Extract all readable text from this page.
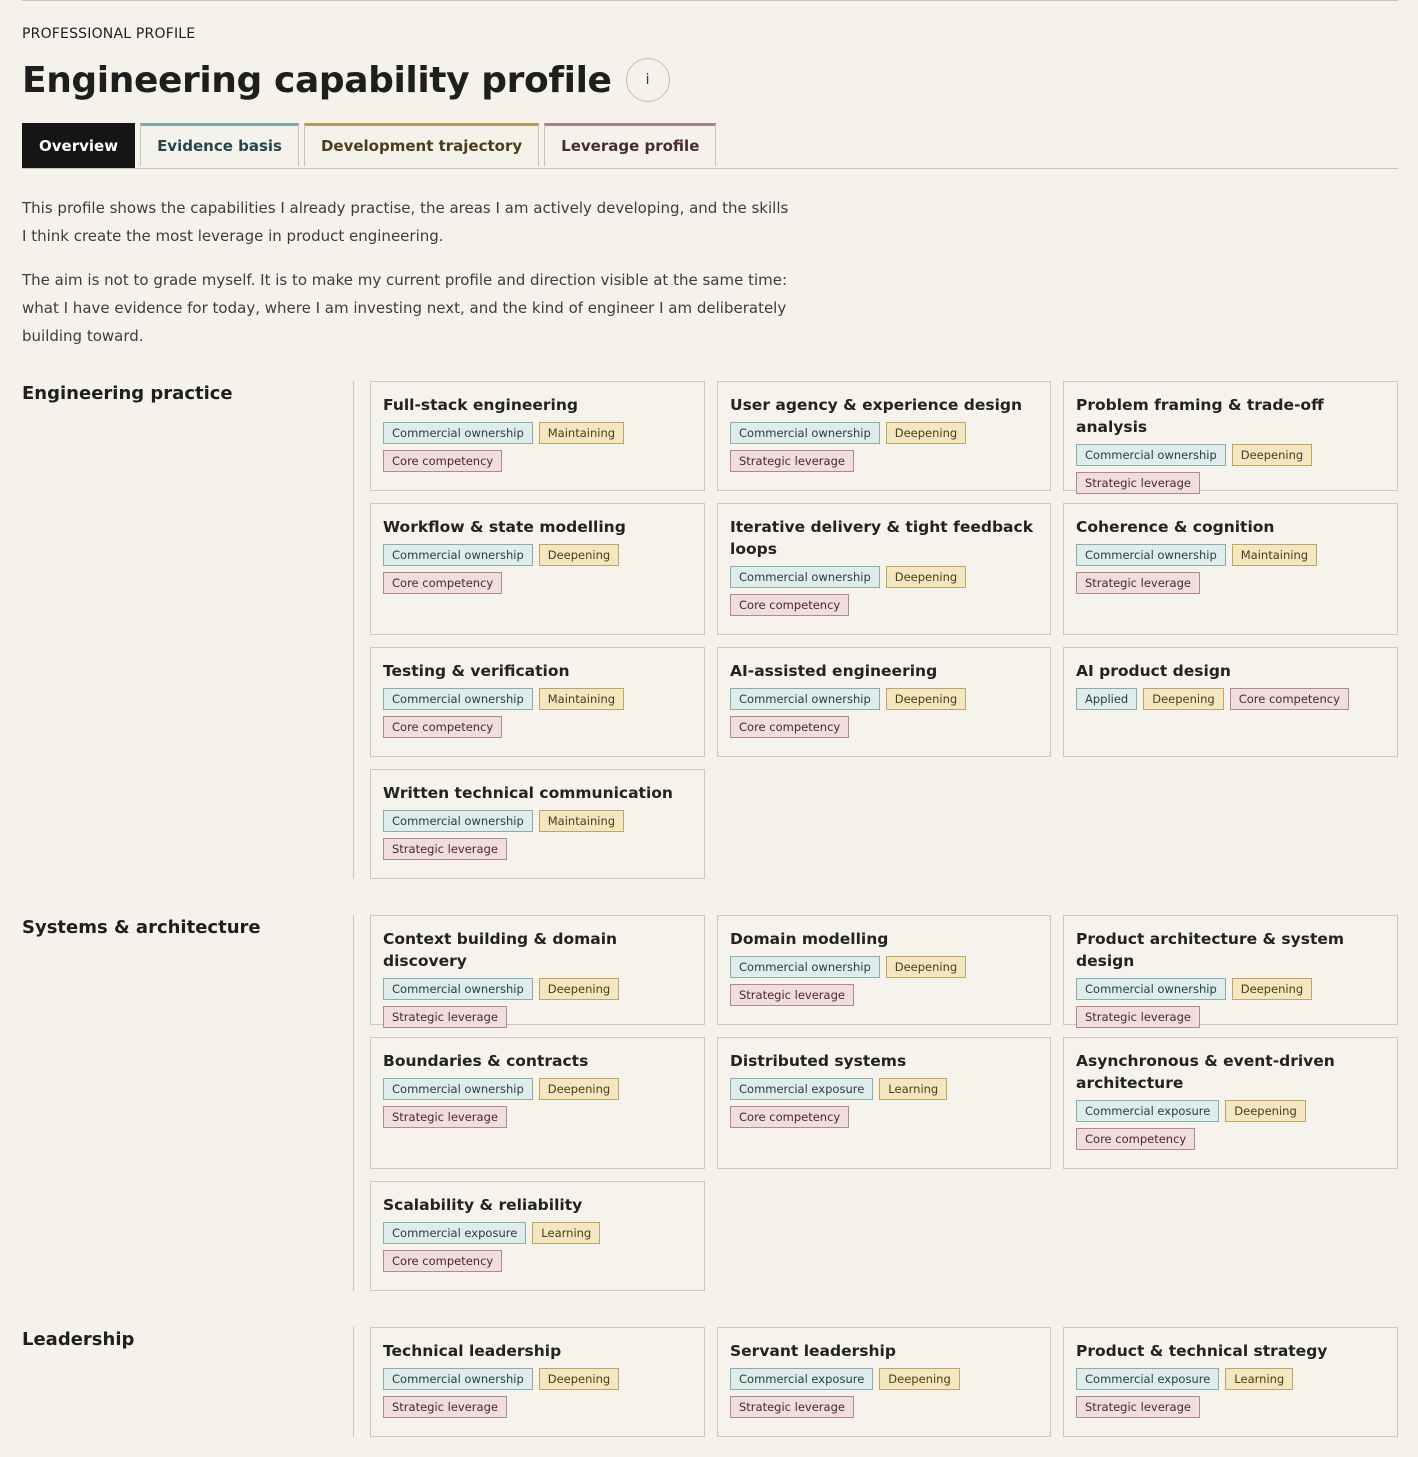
PROFESSIONAL PROFILE
Engineering capability profile i
Overview	Evidence basis	Development trajectory	Leverage profile

This profile shows the capabilities I already practise, the areas I am actively developing, and the skills I think create the most leverage in product engineering.

The aim is not to grade myself. It is to make my current profile and direction visible at the same time: what I have evidence for today, where I am investing next, and the kind of engineer I am deliberately building toward.

Engineering practice
Full-stack engineering
Commercial ownership	Maintaining
Core competency
User agency & experience design
Commercial ownership	Deepening
Strategic leverage
Problem framing & trade-off analysis
Commercial ownership	Deepening
Strategic leverage
Workflow & state modelling
Commercial ownership	Deepening
Core competency
Iterative delivery & tight feedback loops
Commercial ownership	Deepening
Core competency
Coherence & cognition
Commercial ownership	Maintaining
Strategic leverage
Testing & verification
Commercial ownership	Maintaining
Core competency
AI-assisted engineering
Commercial ownership	Deepening
Core competency
AI product design
Applied	Deepening	Core competency
Written technical communication
Commercial ownership	Maintaining
Strategic leverage
Systems & architecture
Context building & domain discovery
Commercial ownership	Deepening
Strategic leverage
Domain modelling
Commercial ownership	Deepening
Strategic leverage
Product architecture & system design
Commercial ownership	Deepening
Strategic leverage
Boundaries & contracts
Commercial ownership	Deepening
Strategic leverage
Distributed systems
Commercial exposure	Learning
Core competency
Asynchronous & event-driven architecture
Commercial exposure	Deepening
Core competency
Scalability & reliability
Commercial exposure	Learning
Core competency
Leadership
Technical leadership
Commercial ownership	Deepening
Strategic leverage
Servant leadership
Commercial exposure	Deepening
Strategic leverage
Product & technical strategy
Commercial exposure	Learning
Strategic leverage
